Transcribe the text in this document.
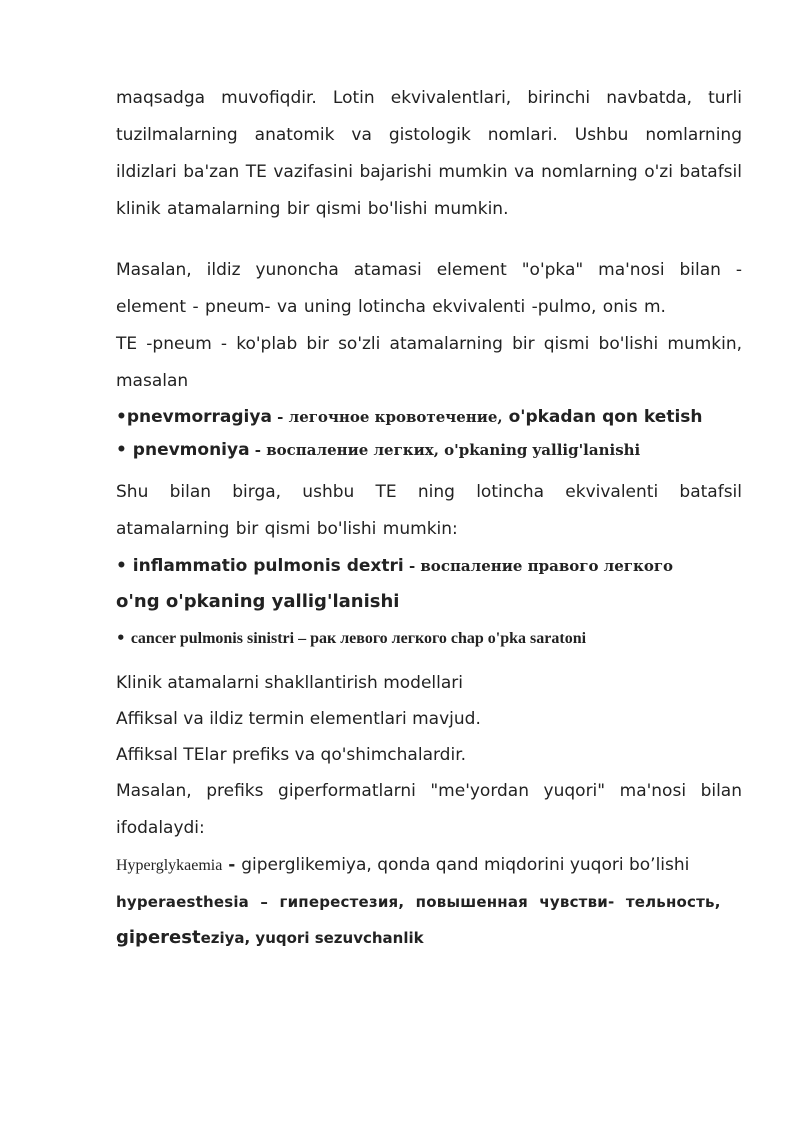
maqsadga muvofiqdir. Lotin ekvivalentlari, birinchi navbatda, turli tuzilmalarning anatomik va gistologik nomlari. Ushbu nomlarning ildizlari ba'zan TE vazifasini bajarishi mumkin va nomlarning o'zi batafsil klinik atamalarning bir qismi bo'lishi mumkin.

Masalan, ildiz yunoncha atamasi element "o'pka" ma'nosi bilan - element - pneum- va uning lotincha ekvivalenti -pulmo, onis m.

TE -pneum - ko'plab bir so'zli atamalarning bir qismi bo'lishi mumkin, masalan

•pnevmorragiya - легочное кровотечение, o'pkadan qon ketish
• pnevmoniya - воспаление легких, o'pkaning yallig'lanishi

Shu bilan birga, ushbu TE ning lotincha ekvivalenti batafsil atamalarning bir qismi bo'lishi mumkin:

• inflammatio pulmonis dextri - воспаление правого легкого
o'ng o'pkaning yallig'lanishi
• cancer pulmonis sinistri – рак левого легкого chap o'pka saratoni

Klinik atamalarni shakllantirish modellari

Affiksal va ildiz termin elementlari mavjud.

Affiksal TElar prefiks va qo'shimchalardir.

Masalan, prefiks giperformatlarni "me'yordan yuqori" ma'nosi bilan ifodalaydi:

Hyperglykaemia - giperglikemiya, qonda qand miqdorini yuqori bo’lishi
hyperaesthesia – гиперестезия, повышенная чувстви- тельность,
giperesteziya, yuqori sezuvchanlik
